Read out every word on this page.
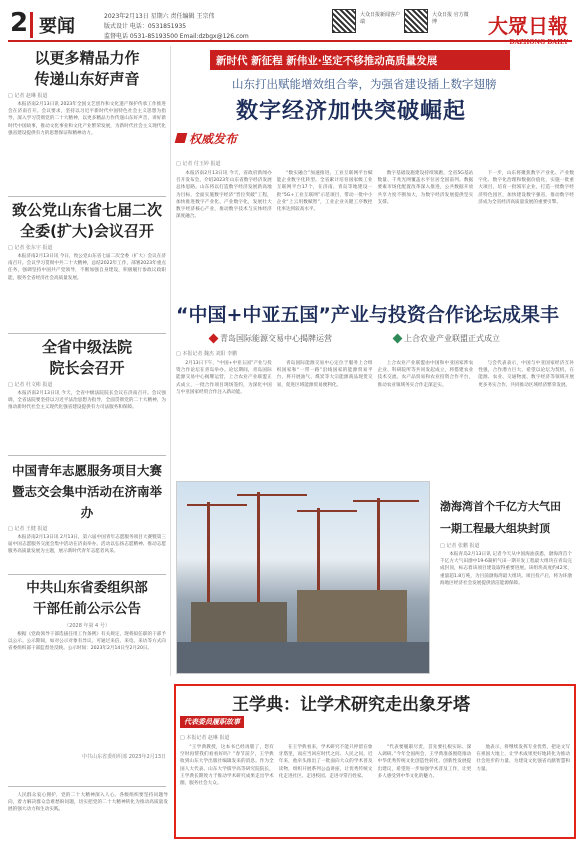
2 要闻	2023年2月13日 星期六 责任编辑 王宗伟
版式设计 电话：0531851935
监督电话 0531-85193500 Email:dzbgx@126.com
大众日报新闻客户端
大众日报 官方微博	大眾日報
DAZHONG DAILY
以更多精品力作
传递山东好声音
□ 记者 赵琳 报道

本报济南2月13日讯 2023年全国文艺创作和文化遗产保护传承工作推进会在济南召开。会议要求，坚持以习近平新时代中国特色社会主义思想为指导，深入学习贯彻党的二十大精神，以更多精品力作传递山东好声音，讲好新时代中国故事，推动文化事业和文化产业繁荣发展，为新时代社会主义现代化强省建设提供有力的思想保证和精神动力。

致公党山东省七届二次
全委(扩大)会议召开
□ 记者 张东宇 报道

本报济南2月13日讯 今日，致公党山东省七届二次全委（扩大）会议在济南召开。会议学习贯彻中共二十大精神，总结2022年工作，部署2023年重点任务，强调坚持中国共产党领导，不断加强自身建设，积极履行参政议政职能，服务全省经济社会高质量发展。

全省中级法院
院长会召开
□ 记者 杜文彬 报道

本报济南2月13日讯 今天，全省中级法院院长会议在济南召开。会议强调，全省法院要坚持以习近平法治思想为指导，全面贯彻党的二十大精神，为推动新时代社会主义现代化强省建设提供有力司法服务和保障。

中国青年志愿服务项目大赛
暨志交会集中活动在济南举办
□ 记者 王健 报道

本报济南2月13日讯 2月13日，第六届中国青年志愿服务项目大赛暨第三届中国志愿服务交流会集中活动在济南举办。活动以弘扬志愿精神、推动志愿服务高质量发展为主题，展示新时代青年志愿者风采。

中共山东省委组织部
干部任前公示公告
（2028 年第 4 号）

根据《党政领导干部选拔任用工作条例》有关规定，现将拟任职的干部予以公示。公示期间，如对公示对象有异议，可通过来信、来电、来访等方式向省委组织部干部监督处反映。公示时间：2023年2月14日至2月20日。

中共山东省委组织部 2023年2月13日
新时代 新征程 新伟业·坚定不移推动高质量发展
山东打出赋能增效组合拳，为强省建设插上数字翅膀
数字经济加快突破崛起
权威发布
□ 记者 付玉婷 报道

本报济南2月13日讯 今天，省政府新闻办召开发布会，介绍2023年山东省数字经济发展总体思路。山东将以打造数字经济发展新高地为目标，全面实施数字经济“晋位突破”工程，加快推进数字产业化、产业数字化，发展壮大数字经济核心产业，推动数字技术与实体经济深度融合。

“数实融合”加速推进，工业互联网平台赋能企业数字化转型。全省累计培育国家级工业互联网平台17个，在济南、青岛等地建设一批“5G+工业互联网”示范项目，带动一批中小企业“上云用数赋智”，工业企业关键工序数控化率达到较高水平。

数字基础设施建设持续领跑，全省5G基站数量、千兆光网覆盖水平位居全国前列。数据要素市场化配置改革深入推进，公共数据开放共享力度不断加大，为数字经济发展提供坚实支撑。

下一步，山东将聚焦数字产业化、产业数字化、数字化治理和数据价值化，实施一批重大项目，培育一批领军企业，打造一批数字经济特色园区，加快建设数字强省，推动数字经济成为全省经济高质量发展的重要引擎。

“中国+中亚五国”产业与投资合作论坛成果丰
青岛国际能源交易中心揭牌运营	上合农业产业联盟正式成立
□ 本报记者 魏杰 刘阳 李鹏

2月13日下午，“中国+中亚五国”产业与投资合作论坛在青岛举办。论坛期间，青岛国际能源交易中心揭牌运营，上合农业产业联盟正式成立，一批合作项目现场签约，为深化中国与中亚国家经贸合作注入新动能。

青岛国际能源交易中心定位于服务上合组织国家和“一带一路”沿线国家的能源贸易平台，将开展油气、煤炭等大宗能源商品现货交易，促进区域能源贸易便利化。

上合农业产业联盟由中国和中亚国家涉农企业、科研院所等共同发起成立，将搭建农业技术交流、农产品贸易和农业投资合作平台，推动农业领域务实合作走深走实。

与会代表表示，中国与中亚国家经济互补性强，合作潜力巨大，希望以论坛为契机，在能源、农业、交通物流、数字经济等领域开展更多务实合作，共同推动区域经济繁荣发展。

渤海湾首个千亿方大气田
一期工程最大组块封顶
□ 记者 张鹏 报道

本报青岛2月13日讯 记者今天从中国海油获悉，渤海湾首个千亿方大气田渤中19-6凝析气田一期开发工程最大组块在青岛完成封顶，标志着该项目建设取得重要进展。该组块高度约42米，重量超1.8万吨，为目前渤海湾最大组块。项目投产后，将为环渤海地区经济社会发展提供清洁能源保障。

王学典：让学术研究走出象牙塔
代表委员履职故事
□ 本报记者 赵琳 报道

“王学典教授，这本书已经再版了，您有空时再帮我们看看好吗？”春节前夕，王学典收到山东大学出版社编辑发来的消息。作为全国人大代表、山东大学儒学高等研究院院长，王学典长期致力于推动学术研究成果走出学术圈，服务社会大众。

在王学典看来，学术研究不能只停留在象牙塔里，而应当回应时代之问、人民之问。近年来，他牵头推出了一批面向大众的学术普及读物，组织开展系列公益讲座，让优秀传统文化走进社区、走进校园、走进寻常百姓家。

“代表要履职尽责，首先要扎根实际、深入调研。”今年全国两会，王学典准备围绕推动中华优秀传统文化创造性转化、创新性发展提出建议，希望进一步加强学术普及工作，让更多人感受到中华文化的魅力。

他表示，将继续发挥专业优势，把论文写在祖国大地上，让学术成果更好地转化为推动社会进步的力量，为建设文化强省贡献智慧和力量。

人民群众衷心拥护，党的二十大精神深入人心。各级组织要坚持问题导向，着力解决群众急难愁盼问题，切实把党的二十大精神转化为推动高质量发展的强大动力和生动实践。
